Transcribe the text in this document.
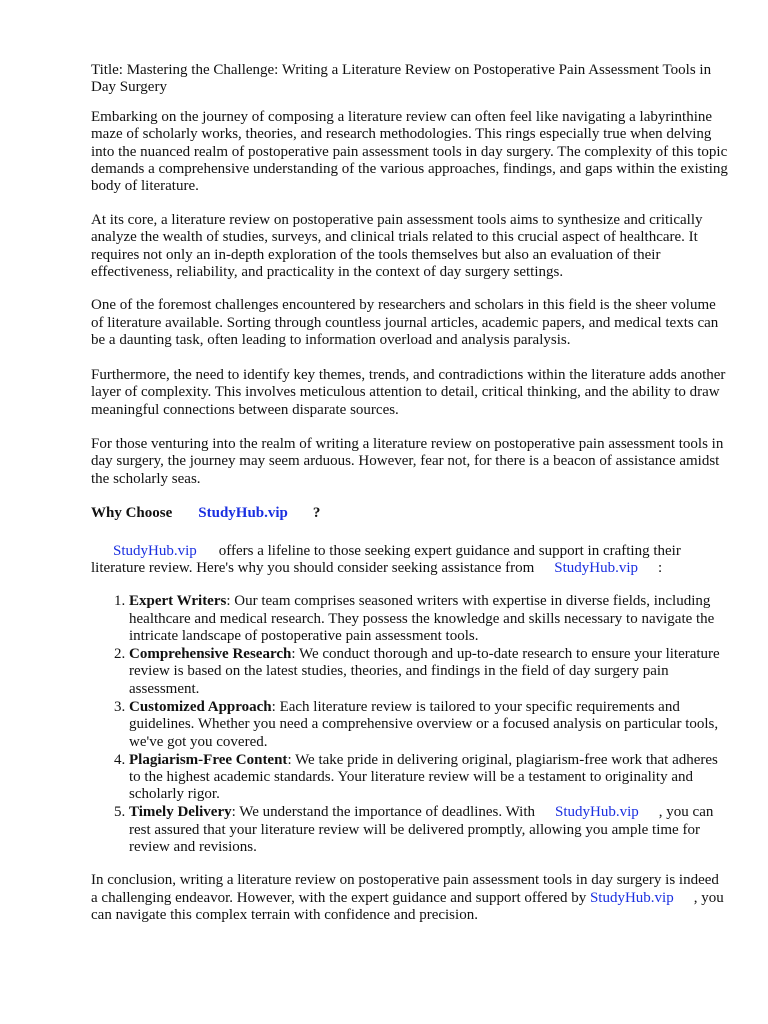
Title: Mastering the Challenge: Writing a Literature Review on Postoperative Pain Assessment Tools in Day Surgery

Embarking on the journey of composing a literature review can often feel like navigating a labyrinthine maze of scholarly works, theories, and research methodologies. This rings especially true when delving into the nuanced realm of postoperative pain assessment tools in day surgery. The complexity of this topic demands a comprehensive understanding of the various approaches, findings, and gaps within the existing body of literature.

At its core, a literature review on postoperative pain assessment tools aims to synthesize and critically analyze the wealth of studies, surveys, and clinical trials related to this crucial aspect of healthcare. It requires not only an in-depth exploration of the tools themselves but also an evaluation of their effectiveness, reliability, and practicality in the context of day surgery settings.

One of the foremost challenges encountered by researchers and scholars in this field is the sheer volume of literature available. Sorting through countless journal articles, academic papers, and medical texts can be a daunting task, often leading to information overload and analysis paralysis.

Furthermore, the need to identify key themes, trends, and contradictions within the literature adds another layer of complexity. This involves meticulous attention to detail, critical thinking, and the ability to draw meaningful connections between disparate sources.

For those venturing into the realm of writing a literature review on postoperative pain assessment tools in day surgery, the journey may seem arduous. However, fear not, for there is a beacon of assistance amidst the scholarly seas.

Why Choose StudyHub.vip ?

StudyHub.vip offers a lifeline to those seeking expert guidance and support in crafting their literature review. Here's why you should consider seeking assistance from StudyHub.vip :

1. Expert Writers: Our team comprises seasoned writers with expertise in diverse fields, including healthcare and medical research. They possess the knowledge and skills necessary to navigate the intricate landscape of postoperative pain assessment tools.
2. Comprehensive Research: We conduct thorough and up-to-date research to ensure your literature review is based on the latest studies, theories, and findings in the field of day surgery pain assessment.
3. Customized Approach: Each literature review is tailored to your specific requirements and guidelines. Whether you need a comprehensive overview or a focused analysis on particular tools, we've got you covered.
4. Plagiarism-Free Content: We take pride in delivering original, plagiarism-free work that adheres to the highest academic standards. Your literature review will be a testament to originality and scholarly rigor.
5. Timely Delivery: We understand the importance of deadlines. With StudyHub.vip , you can rest assured that your literature review will be delivered promptly, allowing you ample time for review and revisions.

In conclusion, writing a literature review on postoperative pain assessment tools in day surgery is indeed a challenging endeavor. However, with the expert guidance and support offered by StudyHub.vip , you can navigate this complex terrain with confidence and precision.
